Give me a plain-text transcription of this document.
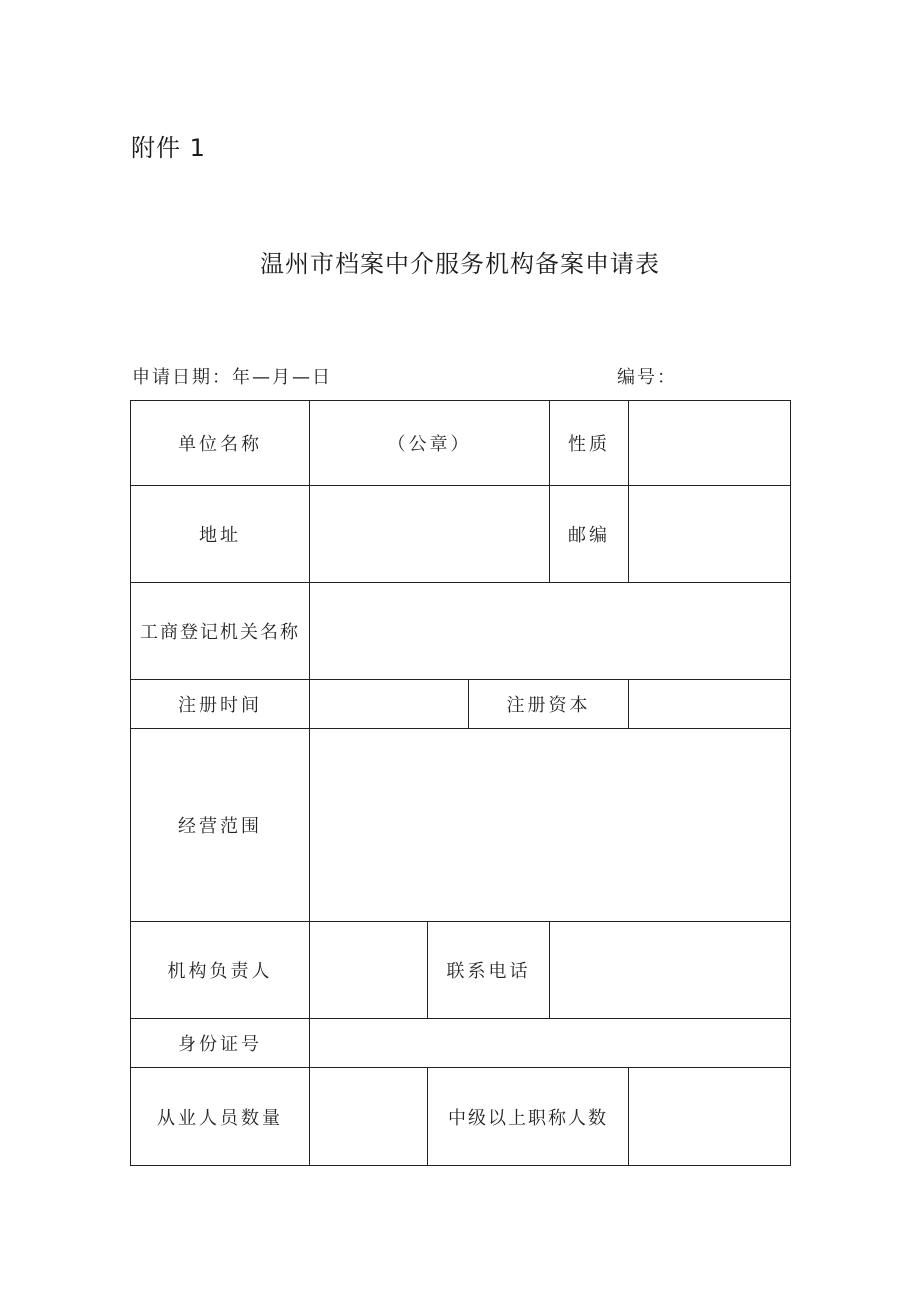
附件 1
温州市档案中介服务机构备案申请表
申请日期：年—月—日	编号：
单位名称	（公章）			性质	
地址				邮编	
工商登记机关名称					
注册时间			注册资本		
经营范围					
机构负责人		联系电话			
身份证号					
从业人员数量		中级以上职称人数			
